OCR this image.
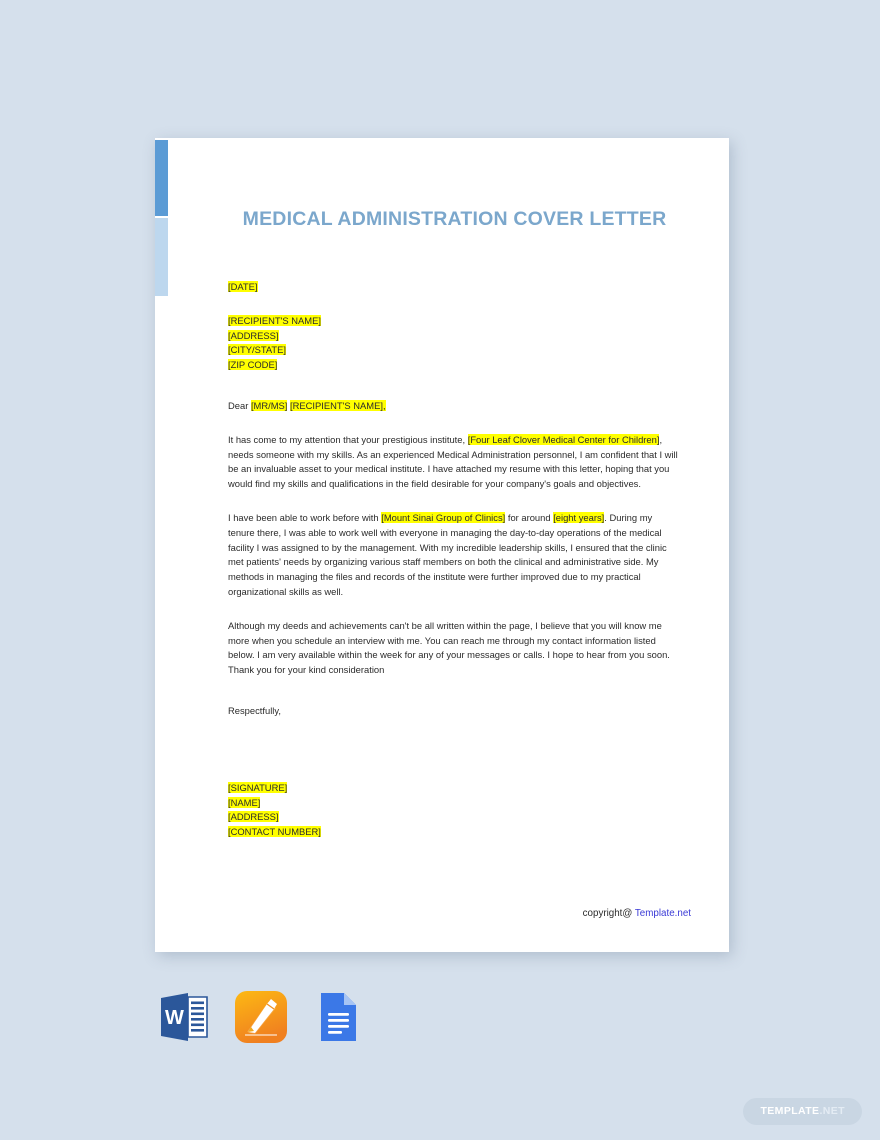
MEDICAL ADMINISTRATION COVER LETTER
[DATE]
[RECIPIENT'S NAME]
[ADDRESS]
[CITY/STATE]
[ZIP CODE]

Dear [MR/MS] [RECIPIENT'S NAME],

It has come to my attention that your prestigious institute, [Four Leaf Clover Medical Center for Children], needs someone with my skills. As an experienced Medical Administration personnel, I am confident that I will be an invaluable asset to your medical institute. I have attached my resume with this letter, hoping that you would find my skills and qualifications in the field desirable for your company's goals and objectives.

I have been able to work before with [Mount Sinai Group of Clinics] for around [eight years]. During my tenure there, I was able to work well with everyone in managing the day-to-day operations of the medical facility I was assigned to by the management. With my incredible leadership skills, I ensured that the clinic met patients' needs by organizing various staff members on both the clinical and administrative side. My methods in managing the files and records of the institute were further improved due to my practical organizational skills as well.

Although my deeds and achievements can't be all written within the page, I believe that you will know me more when you schedule an interview with me. You can reach me through my contact information listed below. I am very available within the week for any of your messages or calls. I hope to hear from you soon. Thank you for your kind consideration

Respectfully,

[SIGNATURE]
[NAME]
[ADDRESS]
[CONTACT NUMBER]
copyright@ Template.net
W
TEMPLATE.NET
